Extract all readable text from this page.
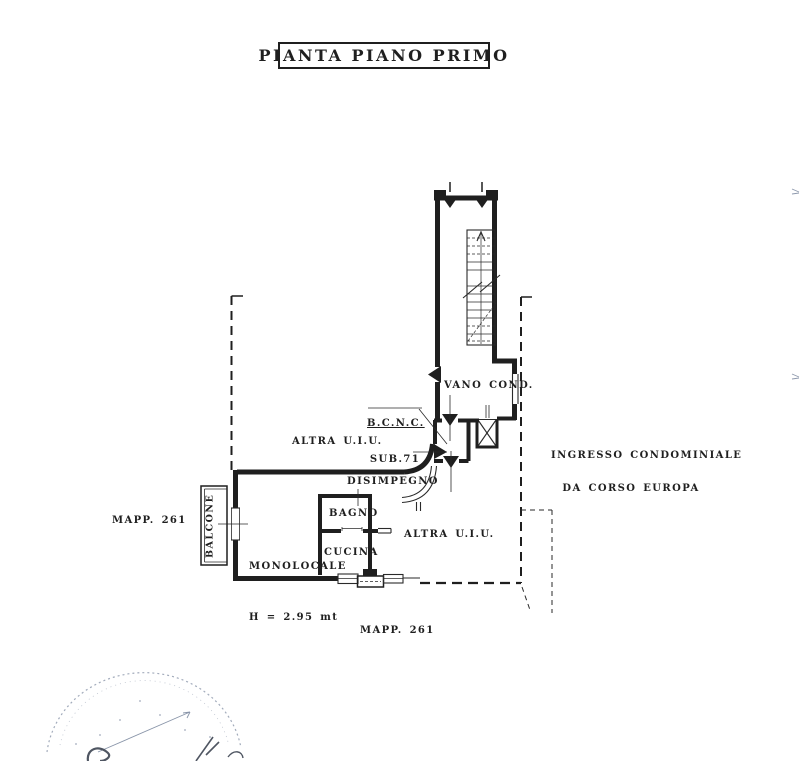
PIANTA PIANO PRIMO
VANO COND.

B.C.N.C.

SUB.71

ALTRA U.I.U.
ALTRA U.I.U.
DISIMPEGNO
BAGNO

MONOLOCALE

H = 2.95 mt

CUCINA
BALCONE
MAPP. 261
MAPP. 261

INGRESSO CONDOMINIALE

DA CORSO EUROPA
